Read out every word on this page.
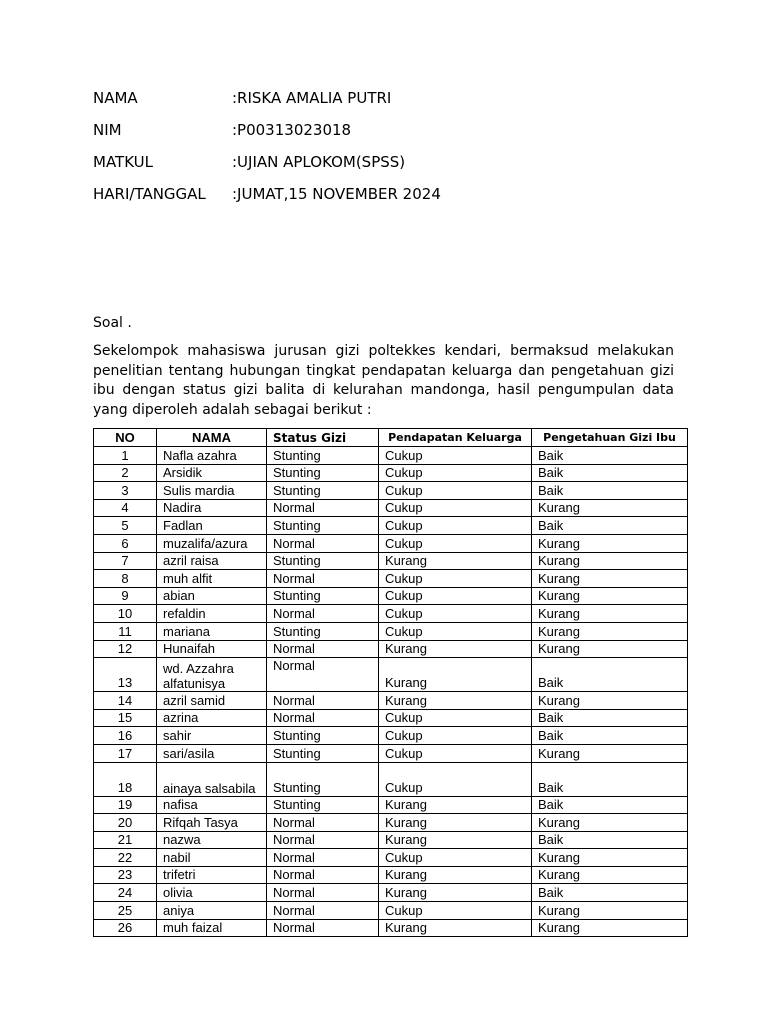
NAMA	:RISKA AMALIA PUTRI
NIM	:P00313023018
MATKUL	:UJIAN APLOKOM(SPSS)
HARI/TANGGAL :JUMAT,15 NOVEMBER 2024
Soal .
Sekelompok mahasiswa jurusan gizi poltekkes kendari, bermaksud melakukan penelitian tentang hubungan tingkat pendapatan keluarga dan pengetahuan gizi ibu dengan status gizi balita di kelurahan mandonga, hasil pengumpulan data yang diperoleh adalah sebagai berikut :
NO	NAMA	Status Gizi	Pendapatan Keluarga	Pengetahuan Gizi Ibu
1	Nafla azahra	Stunting	Cukup	Baik
2	Arsidik	Stunting	Cukup	Baik
3	Sulis mardia	Stunting	Cukup	Baik
4	Nadira	Normal	Cukup	Kurang
5	Fadlan	Stunting	Cukup	Baik
6	muzalifa/azura	Normal	Cukup	Kurang
7	azril raisa	Stunting	Kurang	Kurang
8	muh alfit	Normal	Cukup	Kurang
9	abian	Stunting	Cukup	Kurang
10	refaldin	Normal	Cukup	Kurang
11	mariana	Stunting	Cukup	Kurang
12	Hunaifah	Normal	Kurang	Kurang
13	wd. Azzahra alfatunisya	Normal	Kurang	Baik
14	azril samid	Normal	Kurang	Kurang
15	azrina	Normal	Cukup	Baik
16	sahir	Stunting	Cukup	Baik
17	sari/asila	Stunting	Cukup	Kurang
18	ainaya salsabila	Stunting	Cukup	Baik
19	nafisa	Stunting	Kurang	Baik
20	Rifqah Tasya	Normal	Kurang	Kurang
21	nazwa	Normal	Kurang	Baik
22	nabil	Normal	Cukup	Kurang
23	trifetri	Normal	Kurang	Kurang
24	olivia	Normal	Kurang	Baik
25	aniya	Normal	Cukup	Kurang
26	muh faizal	Normal	Kurang	Kurang
